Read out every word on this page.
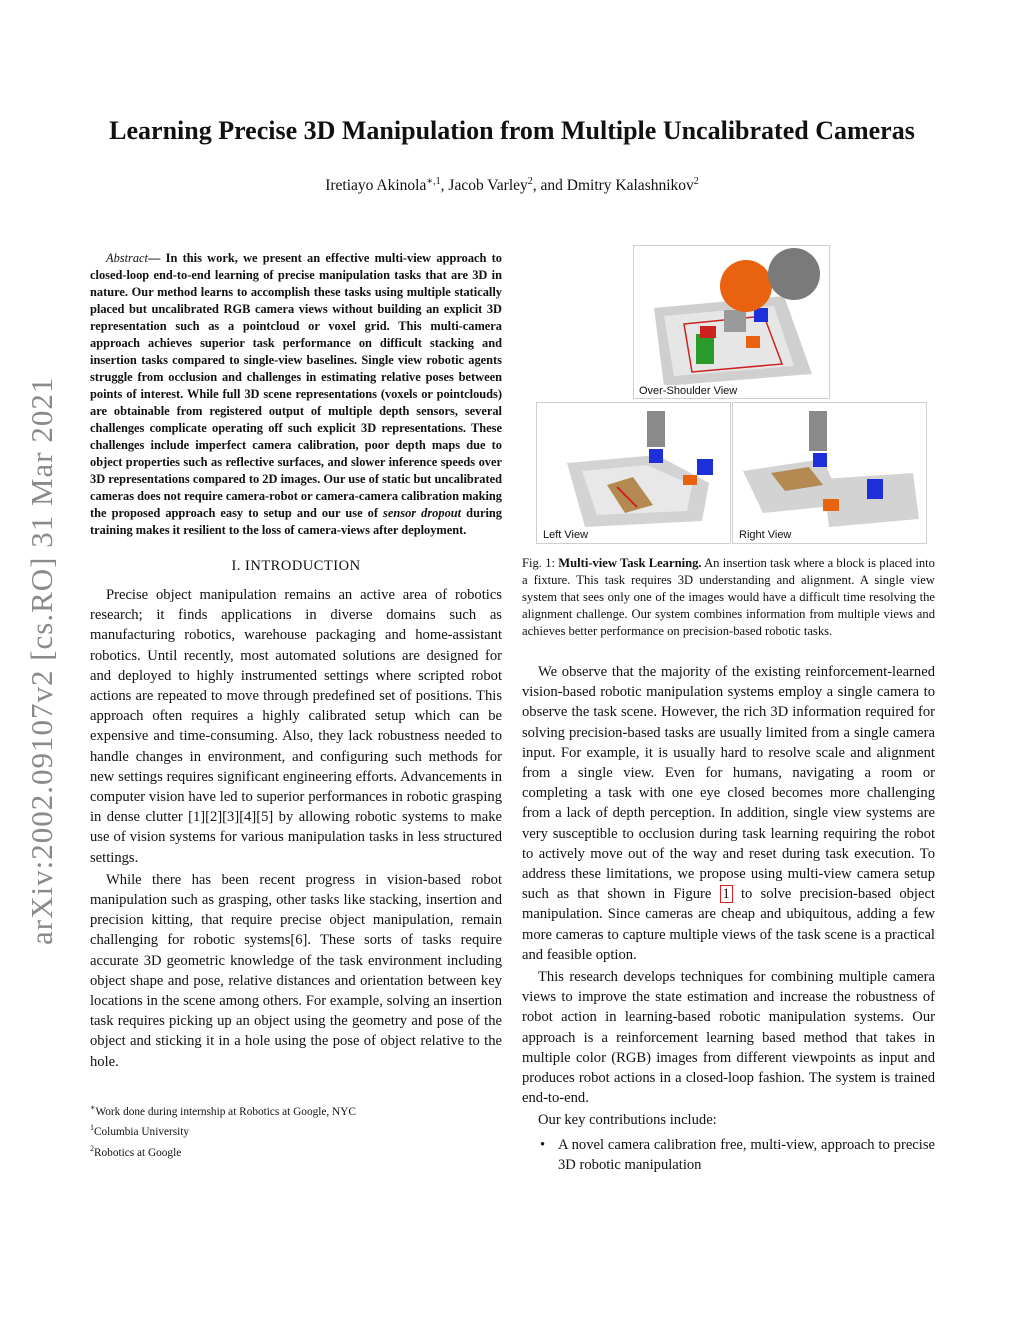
arXiv:2002.09107v2 [cs.RO] 31 Mar 2021
Learning Precise 3D Manipulation from Multiple Uncalibrated Cameras
Iretiayo Akinola$^{∗,1}$, Jacob Varley$^2$, and Dmitry Kalashnikov$^2$

Abstract— In this work, we present an effective multi-view approach to closed-loop end-to-end learning of precise manipulation tasks that are 3D in nature. Our method learns to accomplish these tasks using multiple statically placed but uncalibrated RGB camera views without building an explicit 3D representation such as a pointcloud or voxel grid. This multi-camera approach achieves superior task performance on difficult stacking and insertion tasks compared to single-view baselines. Single view robotic agents struggle from occlusion and challenges in estimating relative poses between points of interest. While full 3D scene representations (voxels or pointclouds) are obtainable from registered output of multiple depth sensors, several challenges complicate operating off such explicit 3D representations. These challenges include imperfect camera calibration, poor depth maps due to object properties such as reflective surfaces, and slower inference speeds over 3D representations compared to 2D images. Our use of static but uncalibrated cameras does not require camera-robot or camera-camera calibration making the proposed approach easy to setup and our use of sensor dropout during training makes it resilient to the loss of camera-views after deployment.

I. INTRODUCTION

Precise object manipulation remains an active area of robotics research; it finds applications in diverse domains such as manufacturing robotics, warehouse packaging and home-assistant robotics. Until recently, most automated solutions are designed for and deployed to highly instrumented settings where scripted robot actions are repeated to move through predefined set of positions. This approach often requires a highly calibrated setup which can be expensive and time-consuming. Also, they lack robustness needed to handle changes in environment, and configuring such methods for new settings requires significant engineering efforts. Advancements in computer vision have led to superior performances in robotic grasping in dense clutter [1][2][3][4][5] by allowing robotic systems to make use of vision systems for various manipulation tasks in less structured settings.

While there has been recent progress in vision-based robot manipulation such as grasping, other tasks like stacking, insertion and precision kitting, that require precise object manipulation, remain challenging for robotic systems[6]. These sorts of tasks require accurate 3D geometric knowledge of the task environment including object shape and pose, relative distances and orientation between key locations in the scene among others. For example, solving an insertion task requires picking up an object using the geometry and pose of the object and sticking it in a hole using the pose of object relative to the hole.

∗Work done during internship at Robotics at Google, NYC
$^1$Columbia University
$^2$Robotics at Google
Over-Shoulder View
Left View	Right View

Fig. 1: Multi-view Task Learning. An insertion task where a block is placed into a fixture. This task requires 3D understanding and alignment. A single view system that sees only one of the images would have a difficult time resolving the alignment challenge. Our system combines information from multiple views and achieves better performance on precision-based robotic tasks.

We observe that the majority of the existing reinforcement-learned vision-based robotic manipulation systems employ a single camera to observe the task scene. However, the rich 3D information required for solving precision-based tasks are usually limited from a single camera input. For example, it is usually hard to resolve scale and alignment from a single view. Even for humans, navigating a room or completing a task with one eye closed becomes more challenging from a lack of depth perception. In addition, single view systems are very susceptible to occlusion during task learning requiring the robot to actively move out of the way and reset during task execution. To address these limitations, we propose using multi-view camera setup such as that shown in Figure 1 to solve precision-based object manipulation. Since cameras are cheap and ubiquitous, adding a few more cameras to capture multiple views of the task scene is a practical and feasible option.

This research develops techniques for combining multiple camera views to improve the state estimation and increase the robustness of robot action in learning-based robotic manipulation systems. Our approach is a reinforcement learning based method that takes in multiple color (RGB) images from different viewpoints as input and produces robot actions in a closed-loop fashion. The system is trained end-to-end.

Our key contributions include:

• A novel camera calibration free, multi-view, approach to precise 3D robotic manipulation
